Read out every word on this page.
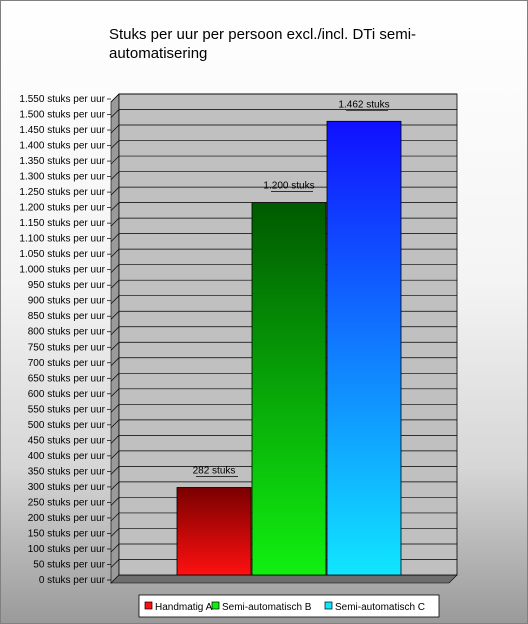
Stuks per uur per persoon excl./incl. DTi semi-automatisering
0 stuks per uur
50 stuks per uur
100 stuks per uur
150 stuks per uur
200 stuks per uur
250 stuks per uur
300 stuks per uur
350 stuks per uur
400 stuks per uur
450 stuks per uur
500 stuks per uur
550 stuks per uur
600 stuks per uur
650 stuks per uur
700 stuks per uur
750 stuks per uur
800 stuks per uur
850 stuks per uur
900 stuks per uur
950 stuks per uur
1.000 stuks per uur
1.050 stuks per uur
1.100 stuks per uur
1.150 stuks per uur
1.200 stuks per uur
1.250 stuks per uur
1.300 stuks per uur
1.350 stuks per uur
1.400 stuks per uur
1.450 stuks per uur
1.500 stuks per uur
1.550 stuks per uur
282 stuks
1.200 stuks
1.462 stuks
Handmatig A Semi-automatisch B Semi-automatisch C
